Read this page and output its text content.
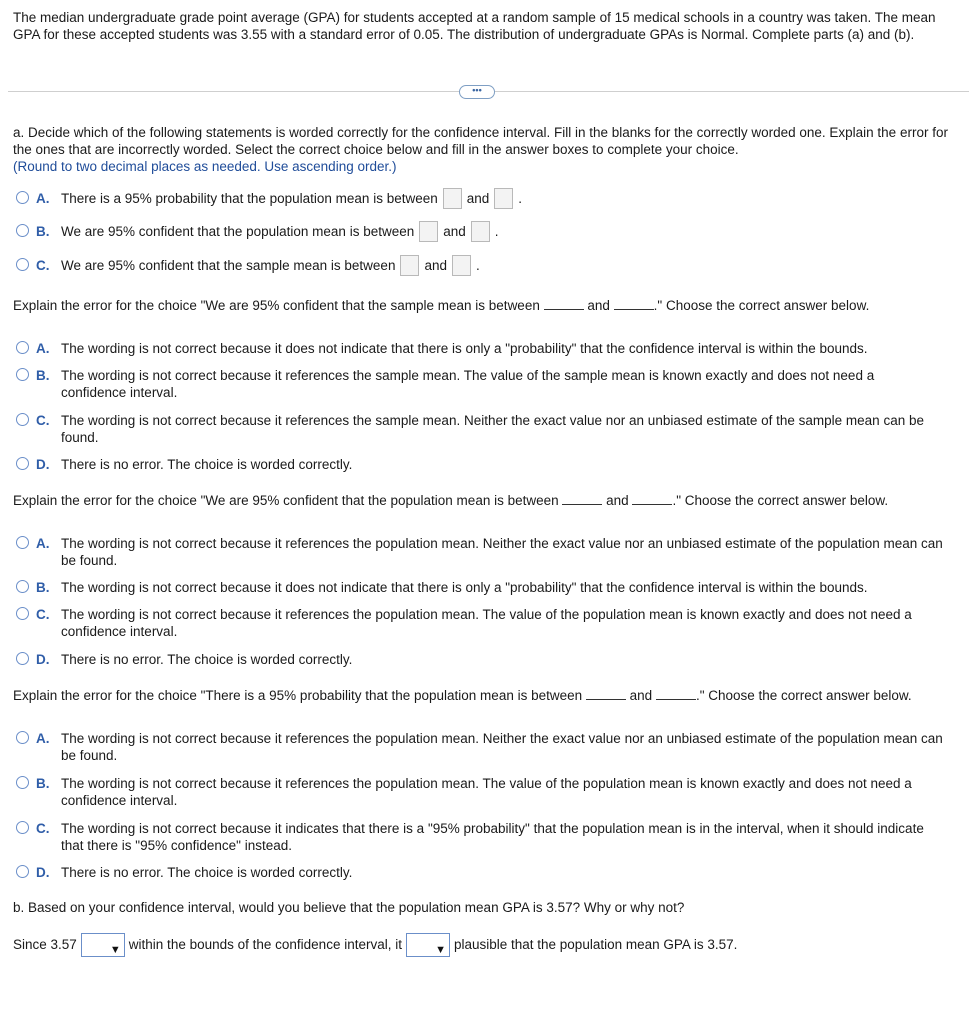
The median undergraduate grade point average (GPA) for students accepted at a random sample of 15 medical schools in a country was taken. The mean GPA for these accepted students was 3.55 with a standard error of 0.05. The distribution of undergraduate GPAs is Normal. Complete parts (a) and (b).
•••
a. Decide which of the following statements is worded correctly for the confidence interval. Fill in the blanks for the correctly worded one. Explain the error for the ones that are incorrectly worded. Select the correct choice below and fill in the answer boxes to complete your choice.
(Round to two decimal places as needed. Use ascending order.)
A. There is a 95% probability that the population mean is between and .
B. We are 95% confident that the population mean is between and .
C. We are 95% confident that the sample mean is between and .
Explain the error for the choice "We are 95% confident that the sample mean is between	and	." Choose the correct answer below.
A. The wording is not correct because it does not indicate that there is only a "probability" that the confidence interval is within the bounds.
B. The wording is not correct because it references the sample mean. The value of the sample mean is known exactly and does not need a confidence interval.
C. The wording is not correct because it references the sample mean. Neither the exact value nor an unbiased estimate of the sample mean can be found.
D. There is no error. The choice is worded correctly.
Explain the error for the choice "We are 95% confident that the population mean is between	and	." Choose the correct answer below.
A. The wording is not correct because it references the population mean. Neither the exact value nor an unbiased estimate of the population mean can be found.
B. The wording is not correct because it does not indicate that there is only a "probability" that the confidence interval is within the bounds.
C. The wording is not correct because it references the population mean. The value of the population mean is known exactly and does not need a confidence interval.
D. There is no error. The choice is worded correctly.
Explain the error for the choice "There is a 95% probability that the population mean is between	and	." Choose the correct answer below.
A. The wording is not correct because it references the population mean. Neither the exact value nor an unbiased estimate of the population mean can be found.
B. The wording is not correct because it references the population mean. The value of the population mean is known exactly and does not need a confidence interval.
C. The wording is not correct because it indicates that there is a "95% probability" that the population mean is in the interval, when it should indicate that there is "95% confidence" instead.
D. There is no error. The choice is worded correctly.
b. Based on your confidence interval, would you believe that the population mean GPA is 3.57? Why or why not?
Since 3.57	▼ within the bounds of the confidence interval, it	▼ plausible that the population mean GPA is 3.57.
